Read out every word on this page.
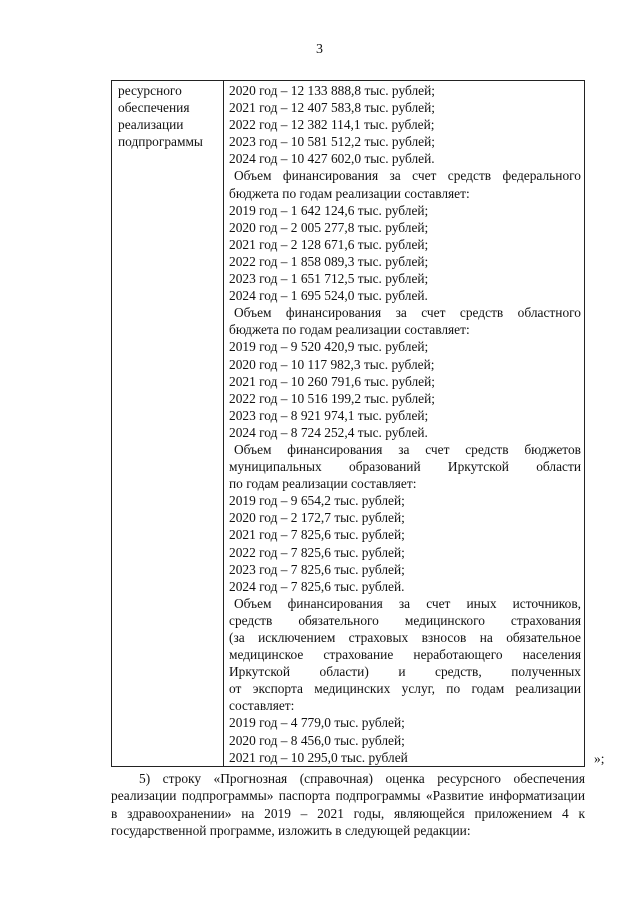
3
ресурсного
обеспечения
реализации
подпрограммы
2020 год – 12 133 888,8 тыс. рублей;
2021 год – 12 407 583,8 тыс. рублей;
2022 год – 12 382 114,1 тыс. рублей;
2023 год – 10 581 512,2 тыс. рублей;
2024 год – 10 427 602,0 тыс. рублей.
Объем финансирования за счет средств федерального
бюджета по годам реализации составляет:
2019 год – 1 642 124,6 тыс. рублей;
2020 год – 2 005 277,8 тыс. рублей;
2021 год – 2 128 671,6 тыс. рублей;
2022 год – 1 858 089,3 тыс. рублей;
2023 год – 1 651 712,5 тыс. рублей;
2024 год – 1 695 524,0 тыс. рублей.
Объем финансирования за счет средств областного
бюджета по годам реализации составляет:
2019 год – 9 520 420,9 тыс. рублей;
2020 год – 10 117 982,3 тыс. рублей;
2021 год – 10 260 791,6 тыс. рублей;
2022 год – 10 516 199,2 тыс. рублей;
2023 год – 8 921 974,1 тыс. рублей;
2024 год – 8 724 252,4 тыс. рублей.
Объем финансирования за счет средств бюджетов
муниципальных образований Иркутской области
по годам реализации составляет:
2019 год – 9 654,2 тыс. рублей;
2020 год – 2 172,7 тыс. рублей;
2021 год – 7 825,6 тыс. рублей;
2022 год – 7 825,6 тыс. рублей;
2023 год – 7 825,6 тыс. рублей;
2024 год – 7 825,6 тыс. рублей.
Объем финансирования за счет иных источников,
средств обязательного медицинского страхования
(за исключением страховых взносов на обязательное
медицинское страхование неработающего населения
Иркутской области) и средств, полученных
от экспорта медицинских услуг, по годам реализации
составляет:
2019 год – 4 779,0 тыс. рублей;
2020 год – 8 456,0 тыс. рублей;
2021 год – 10 295,0 тыс. рублей	»;
5) строку «Прогнозная (справочная) оценка ресурсного обеспечения
реализации подпрограммы» паспорта подпрограммы «Развитие информатизации
в здравоохранении» на 2019 – 2021 годы, являющейся приложением 4 к
государственной программе, изложить в следующей редакции:
